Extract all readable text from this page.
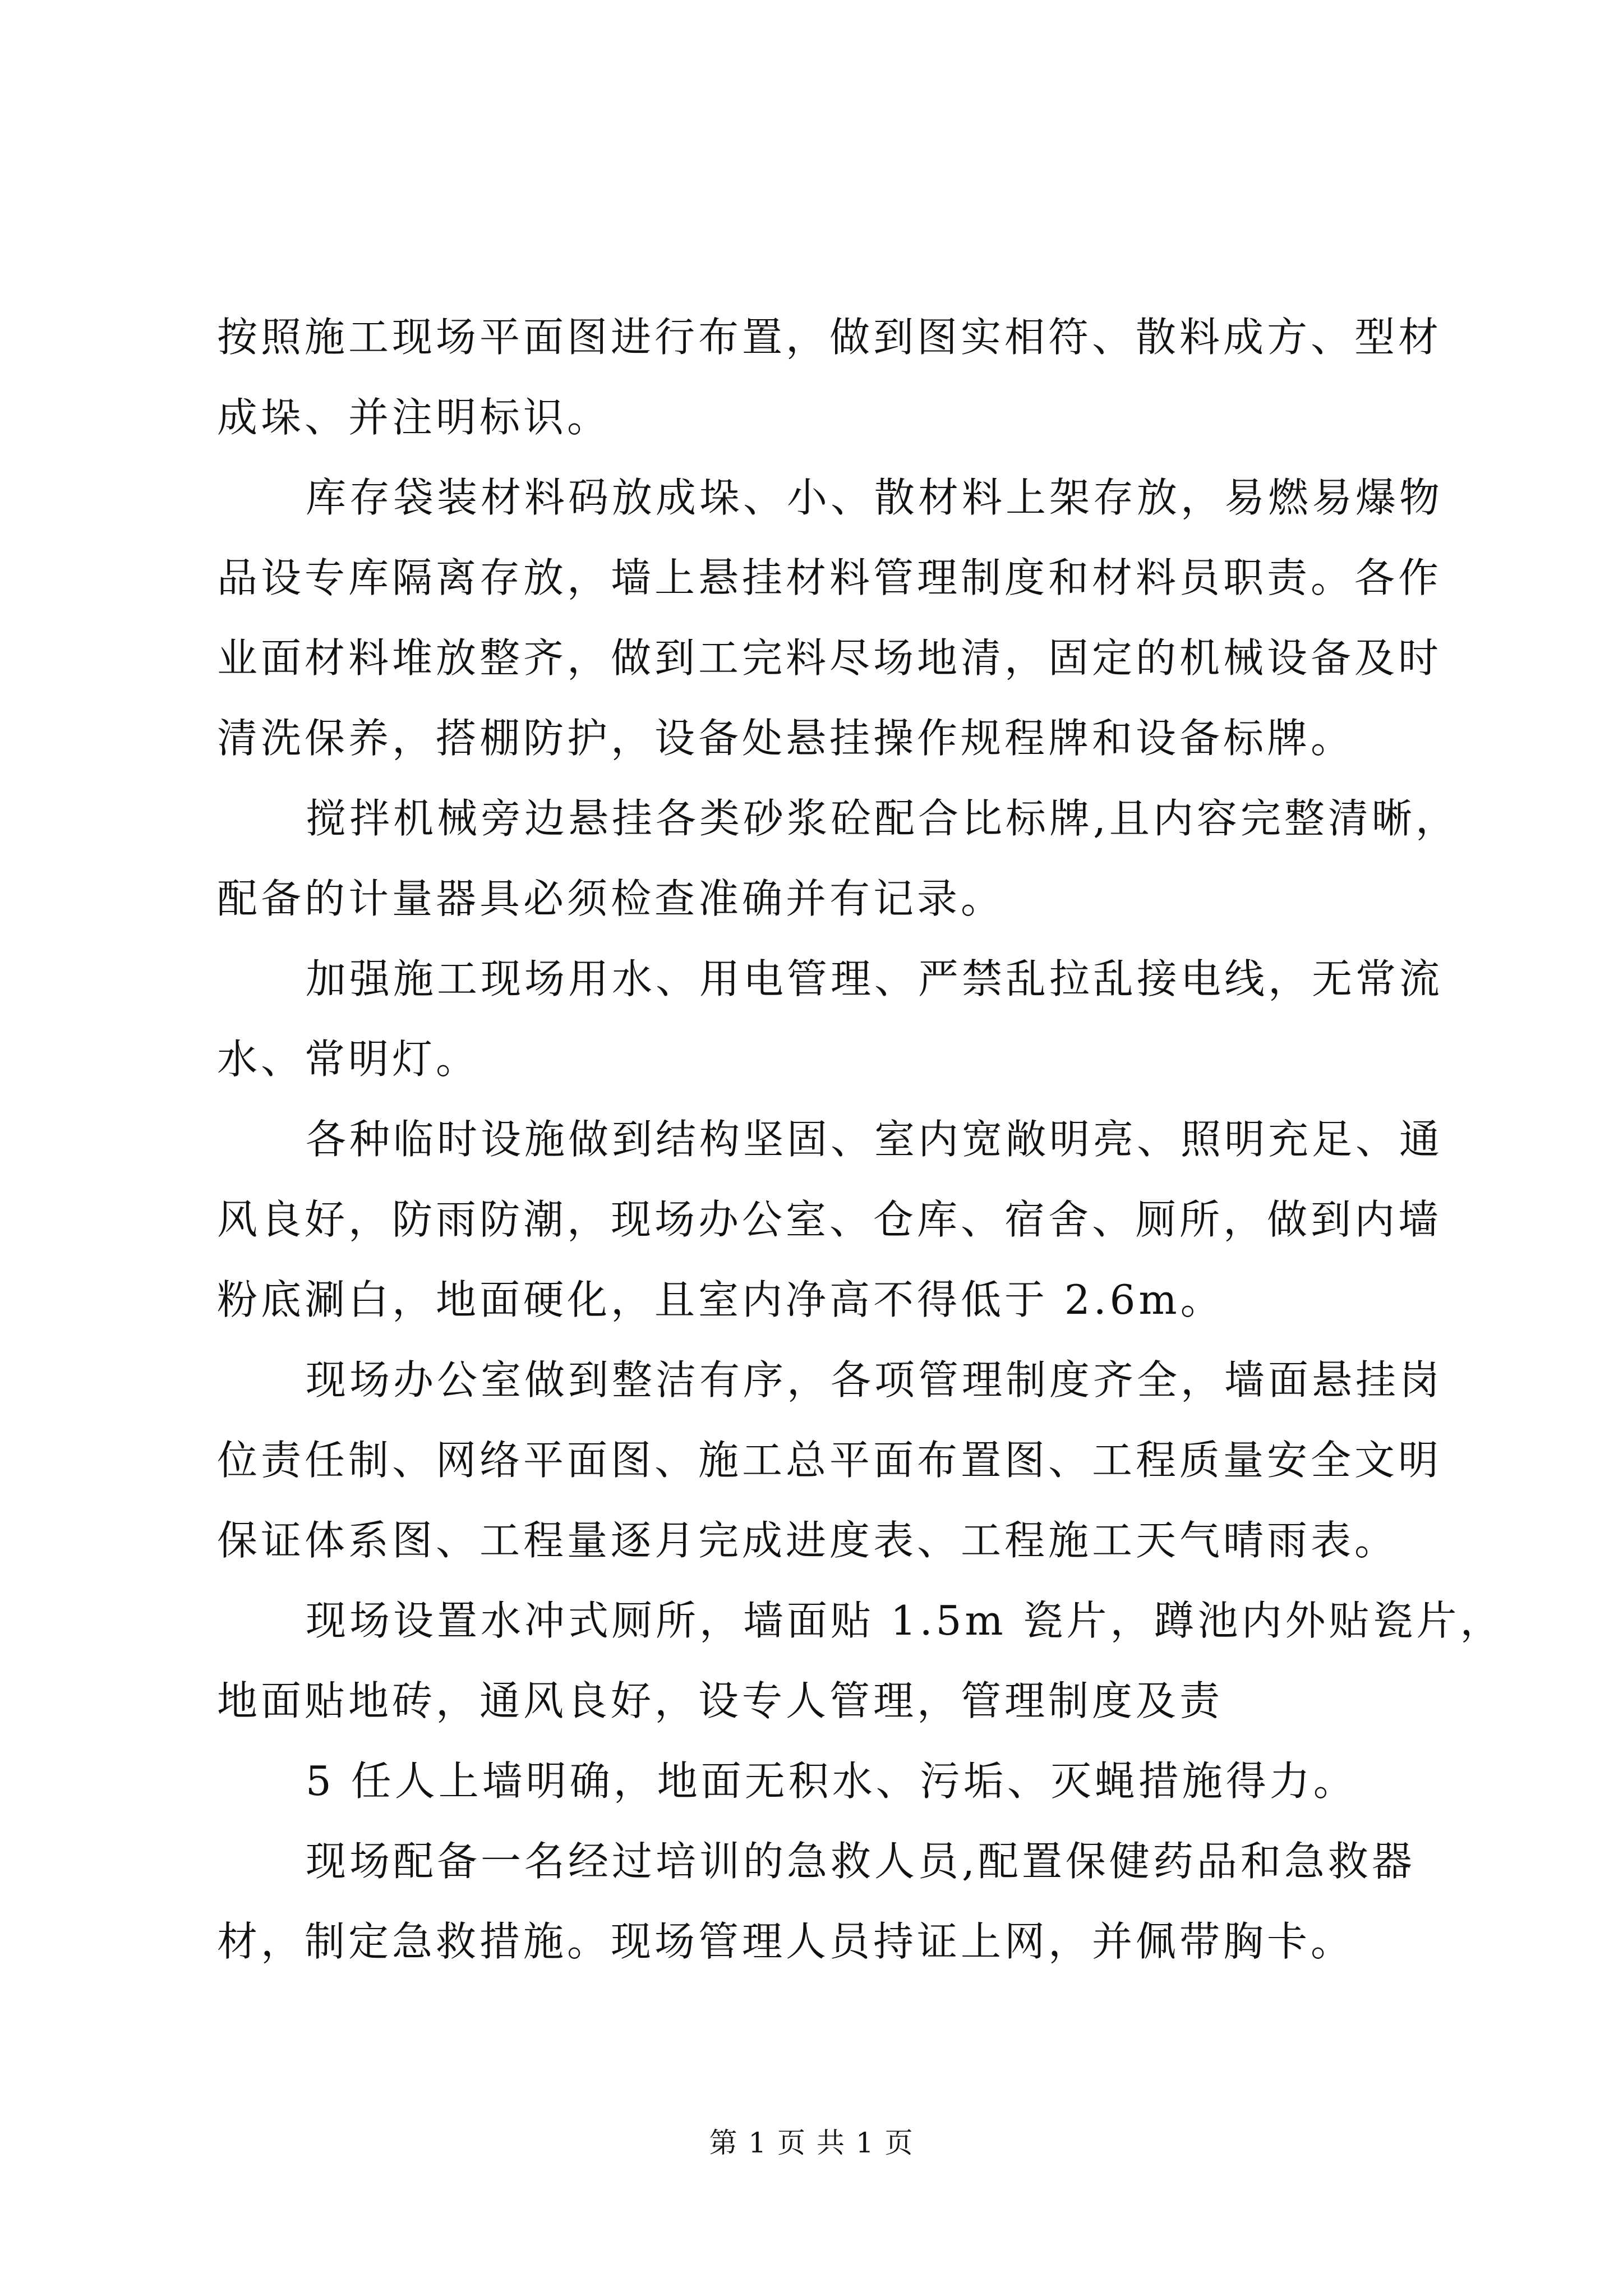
按照施工现场平面图进行布置，做到图实相符、散料成方、型材
成垛、并注明标识。
库存袋装材料码放成垛、小、散材料上架存放，易燃易爆物
品设专库隔离存放，墙上悬挂材料管理制度和材料员职责。各作
业面材料堆放整齐，做到工完料尽场地清，固定的机械设备及时
清洗保养，搭棚防护，设备处悬挂操作规程牌和设备标牌。
搅拌机械旁边悬挂各类砂浆砼配合比标牌,且内容完整清晰，
配备的计量器具必须检查准确并有记录。
加强施工现场用水、用电管理、严禁乱拉乱接电线，无常流
水、常明灯。
各种临时设施做到结构坚固、室内宽敞明亮、照明充足、通
风良好，防雨防潮，现场办公室、仓库、宿舍、厕所，做到内墙
粉底涮白，地面硬化，且室内净高不得低于 2.6m。
现场办公室做到整洁有序，各项管理制度齐全，墙面悬挂岗
位责任制、网络平面图、施工总平面布置图、工程质量安全文明
保证体系图、工程量逐月完成进度表、工程施工天气晴雨表。
现场设置水冲式厕所，墙面贴 1.5m 瓷片，蹲池内外贴瓷片，
地面贴地砖，通风良好，设专人管理，管理制度及责
5 任人上墙明确，地面无积水、污垢、灭蝇措施得力。
现场配备一名经过培训的急救人员,配置保健药品和急救器
材，制定急救措施。现场管理人员持证上网，并佩带胸卡。
第 1 页 共 1 页
